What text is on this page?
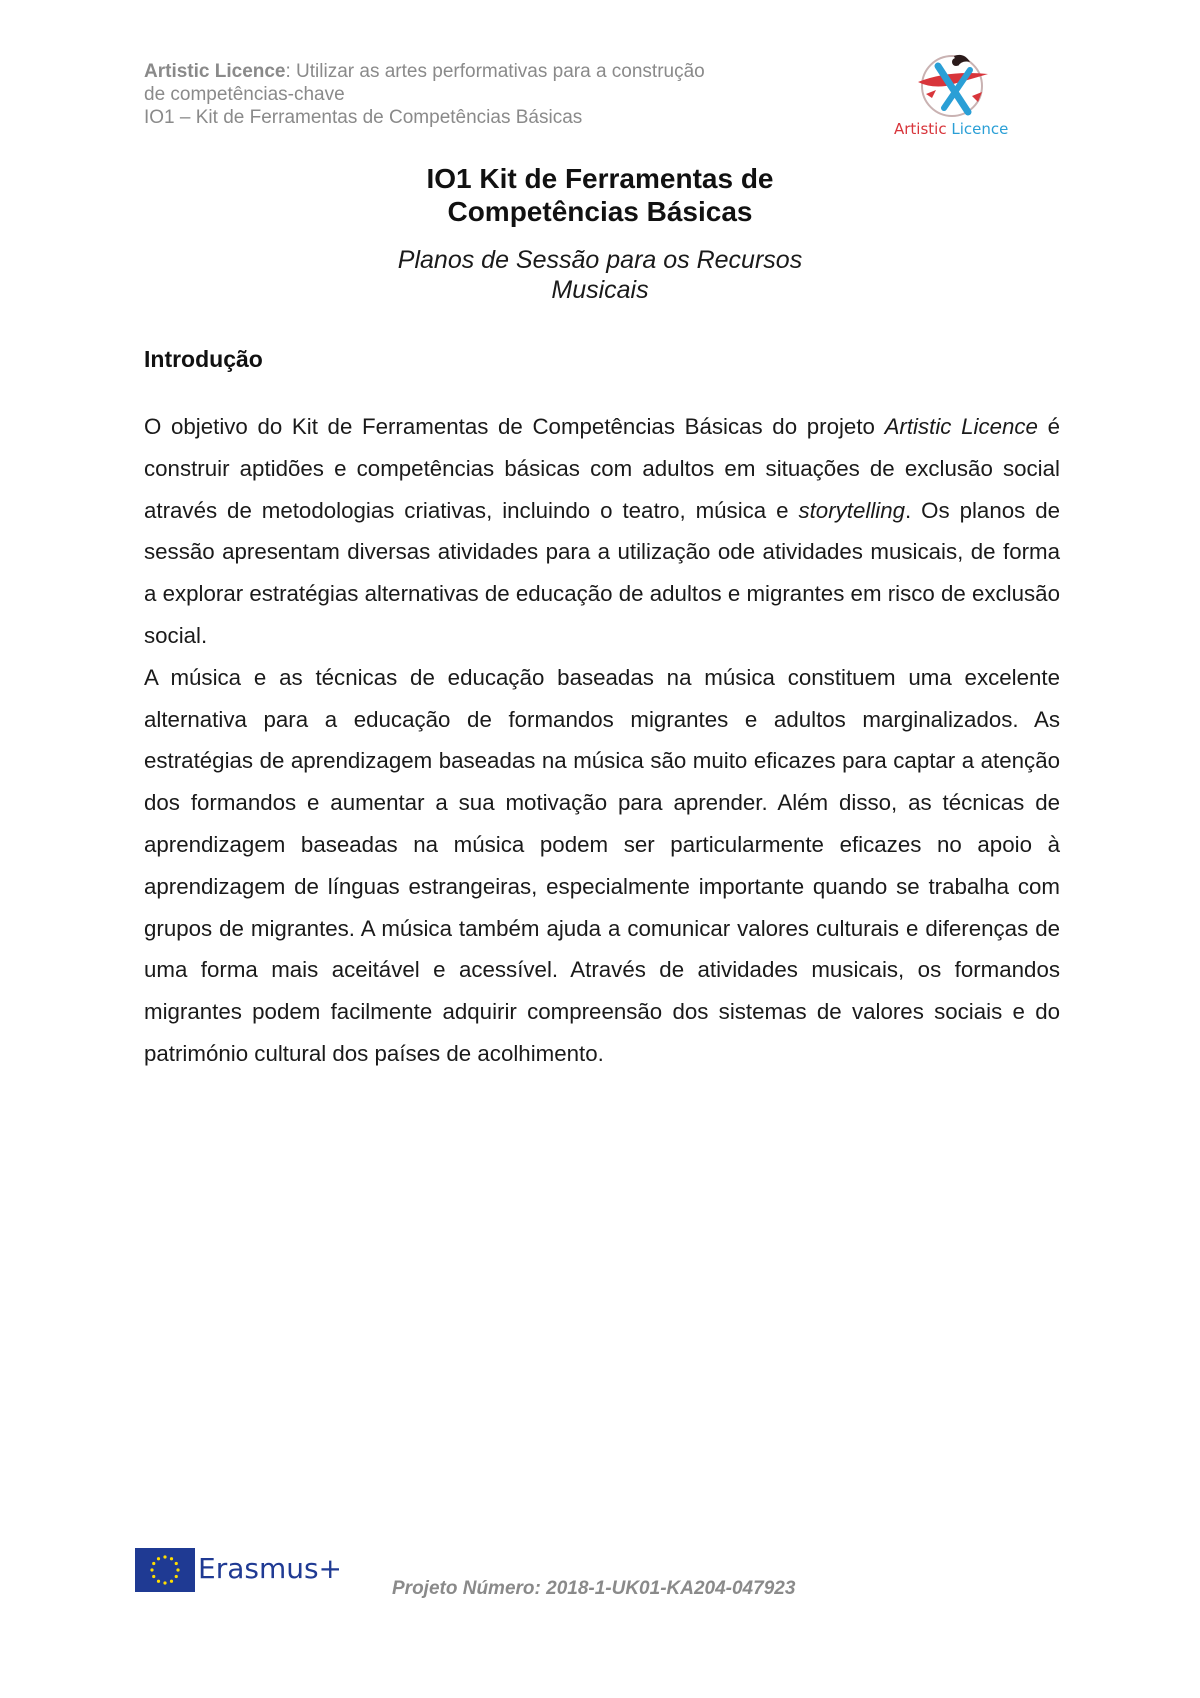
Artistic Licence: Utilizar as artes performativas para a construção
de competências-chave
IO1 – Kit de Ferramentas de Competências Básicas
Artistic Licence
IO1 Kit de Ferramentas de
Competências Básicas
Planos de Sessão para os Recursos
Musicais
Introdução

O objetivo do Kit de Ferramentas de Competências Básicas do projeto Artistic Licence é construir aptidões e competências básicas com adultos em situações de exclusão social através de metodologias criativas, incluindo o teatro, música e storytelling. Os planos de sessão apresentam diversas atividades para a utilização ode atividades musicais, de forma a explorar estratégias alternativas de educação de adultos e migrantes em risco de exclusão social.

A música e as técnicas de educação baseadas na música constituem uma excelente alternativa para a educação de formandos migrantes e adultos marginalizados. As estratégias de aprendizagem baseadas na música são muito eficazes para captar a atenção dos formandos e aumentar a sua motivação para aprender. Além disso, as técnicas de aprendizagem baseadas na música podem ser particularmente eficazes no apoio à aprendizagem de línguas estrangeiras, especialmente importante quando se trabalha com grupos de migrantes. A música também ajuda a comunicar valores culturais e diferenças de uma forma mais aceitável e acessível. Através de atividades musicais, os formandos migrantes podem facilmente adquirir compreensão dos sistemas de valores sociais e do património cultural dos países de acolhimento.

Erasmus+
Projeto Número: 2018-1-UK01-KA204-047923
